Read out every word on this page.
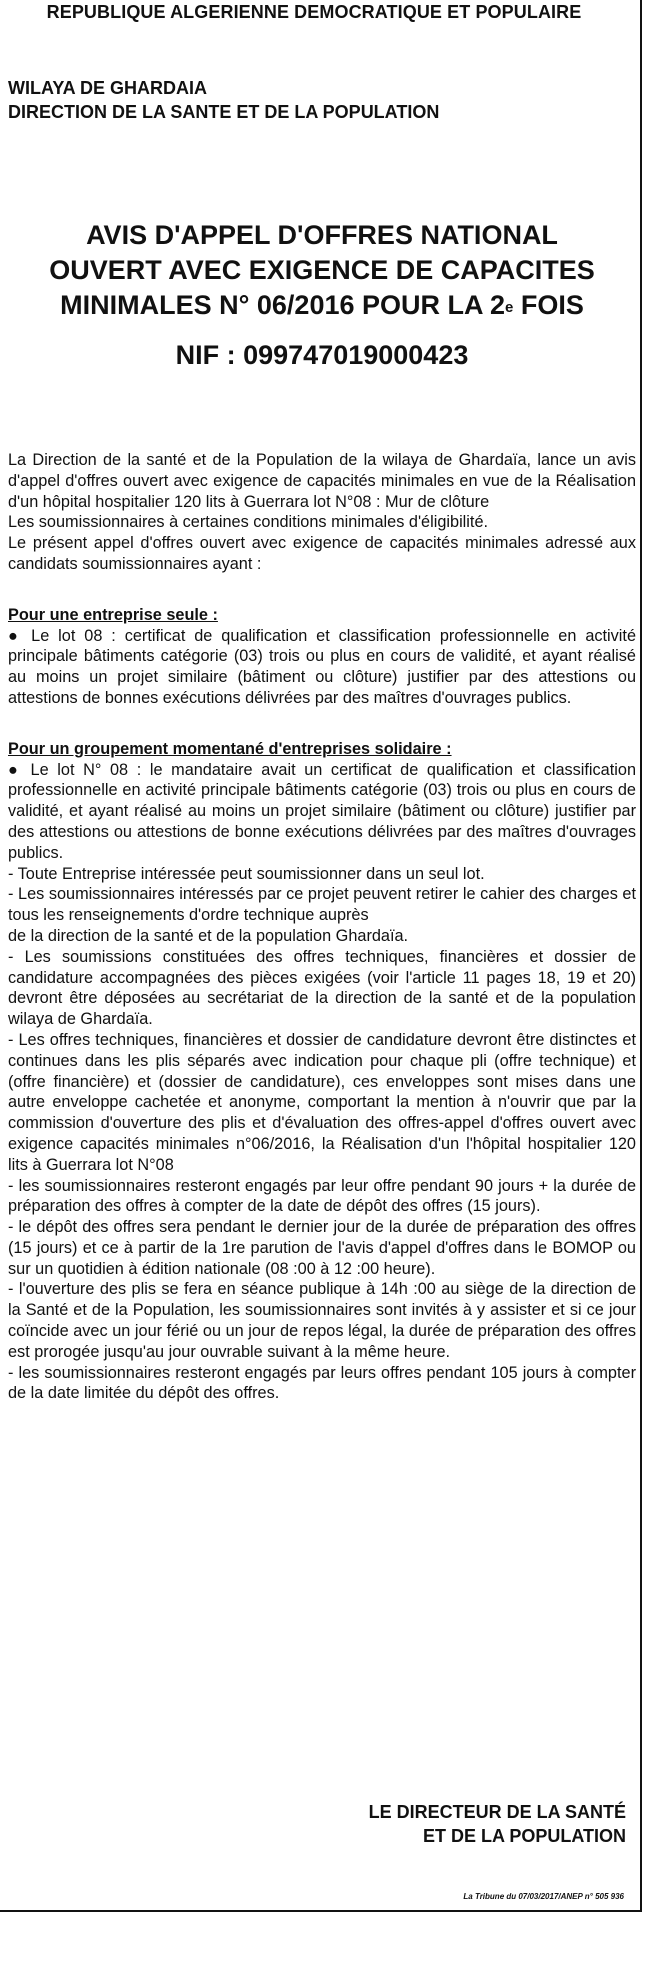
REPUBLIQUE ALGERIENNE DEMOCRATIQUE ET POPULAIRE
WILAYA DE GHARDAIA
DIRECTION DE LA SANTE ET DE LA POPULATION
AVIS D'APPEL D'OFFRES NATIONAL
OUVERT AVEC EXIGENCE DE CAPACITES
MINIMALES N° 06/2016 POUR LA 2e FOIS
NIF : 099747019000423

La Direction de la santé et de la Population de la wilaya de Ghardaïa, lance un avis d'appel d'offres ouvert avec exigence de capacités minimales en vue de la Réalisation d'un hôpital hospitalier 120 lits à Guerrara lot N°08 : Mur de clôture

Les soumissionnaires à certaines conditions minimales d'éligibilité.

Le présent appel d'offres ouvert avec exigence de capacités minimales adressé aux candidats soumissionnaires ayant :

Pour une entreprise seule :

● Le lot 08 : certificat de qualification et classification professionnelle en activité principale bâtiments catégorie (03) trois ou plus en cours de validité, et ayant réalisé au moins un projet similaire (bâtiment ou clôture) justifier par des attestions ou attestions de bonnes exécutions délivrées par des maîtres d'ouvrages publics.

Pour un groupement momentané d'entreprises solidaire :

● Le lot N° 08 : le mandataire avait un certificat de qualification et classification professionnelle en activité principale bâtiments catégorie (03) trois ou plus en cours de validité, et ayant réalisé au moins un projet similaire (bâtiment ou clôture) justifier par des attestions ou attestions de bonne exécutions délivrées par des maîtres d'ouvrages publics.

- Toute Entreprise intéressée peut soumissionner dans un seul lot.

- Les soumissionnaires intéressés par ce projet peuvent retirer le cahier des charges et tous les renseignements d'ordre technique auprès

de la direction de la santé et de la population Ghardaïa.

- Les soumissions constituées des offres techniques, financières et dossier de candidature accompagnées des pièces exigées (voir l'article 11 pages 18, 19 et 20) devront être déposées au secrétariat de la direction de la santé et de la population wilaya de Ghardaïa.

- Les offres techniques, financières et dossier de candidature devront être distinctes et continues dans les plis séparés avec indication pour chaque pli (offre technique) et (offre financière) et (dossier de candidature), ces enveloppes sont mises dans une autre enveloppe cachetée et anonyme, comportant la mention à n'ouvrir que par la commission d'ouverture des plis et d'évaluation des offres-appel d'offres ouvert avec exigence capacités minimales n°06/2016, la Réalisation d'un l'hôpital hospitalier 120 lits à Guerrara lot N°08

- les soumissionnaires resteront engagés par leur offre pendant 90 jours + la durée de préparation des offres à compter de la date de dépôt des offres (15 jours).

- le dépôt des offres sera pendant le dernier jour de la durée de préparation des offres (15 jours) et ce à partir de la 1re parution de l'avis d'appel d'offres dans le BOMOP ou sur un quotidien à édition nationale (08 :00 à 12 :00 heure).

- l'ouverture des plis se fera en séance publique à 14h :00 au siège de la direction de la Santé et de la Population, les soumissionnaires sont invités à y assister et si ce jour coïncide avec un jour férié ou un jour de repos légal, la durée de préparation des offres est prorogée jusqu'au jour ouvrable suivant à la même heure.

- les soumissionnaires resteront engagés par leurs offres pendant 105 jours à compter de la date limitée du dépôt des offres.

LE DIRECTEUR DE LA SANTÉ
ET DE LA POPULATION
La Tribune du 07/03/2017/ANEP n° 505 936
